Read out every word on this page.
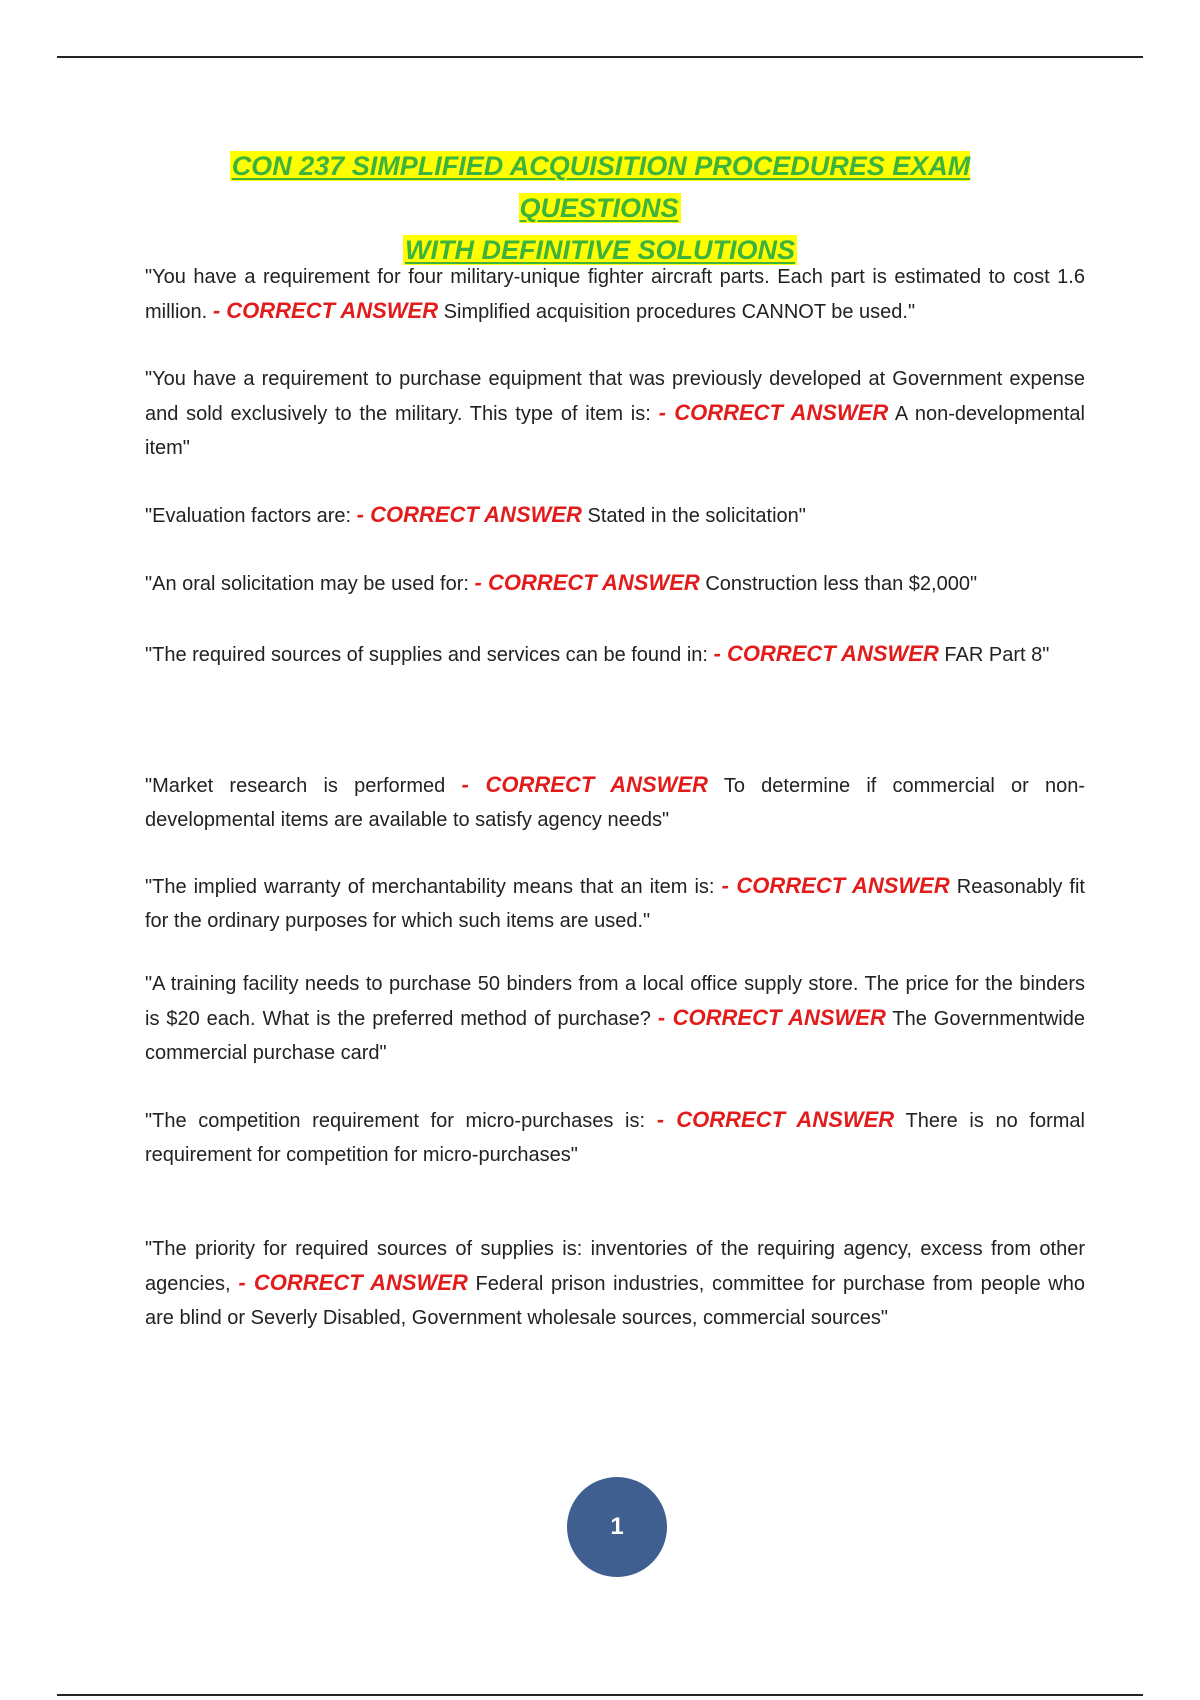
CON 237 SIMPLIFIED ACQUISITION PROCEDURES EXAM QUESTIONS
WITH DEFINITIVE SOLUTIONS

"You have a requirement for four military-unique fighter aircraft parts. Each part is estimated to cost 1.6 million. - CORRECT ANSWER Simplified acquisition procedures CANNOT be used."

"You have a requirement to purchase equipment that was previously developed at Government expense and sold exclusively to the military. This type of item is: - CORRECT ANSWER A non-developmental item"

"Evaluation factors are: - CORRECT ANSWER Stated in the solicitation"

"An oral solicitation may be used for: - CORRECT ANSWER Construction less than $2,000"

"The required sources of supplies and services can be found in: - CORRECT ANSWER FAR Part 8"

"Market research is performed - CORRECT ANSWER To determine if commercial or non-developmental items are available to satisfy agency needs"

"The implied warranty of merchantability means that an item is: - CORRECT ANSWER Reasonably fit for the ordinary purposes for which such items are used."

"A training facility needs to purchase 50 binders from a local office supply store. The price for the binders is $20 each. What is the preferred method of purchase? - CORRECT ANSWER The Governmentwide commercial purchase card"

"The competition requirement for micro-purchases is: - CORRECT ANSWER There is no formal requirement for competition for micro-purchases"

"The priority for required sources of supplies is: inventories of the requiring agency, excess from other agencies, - CORRECT ANSWER Federal prison industries, committee for purchase from people who are blind or Severly Disabled, Government wholesale sources, commercial sources"

1
